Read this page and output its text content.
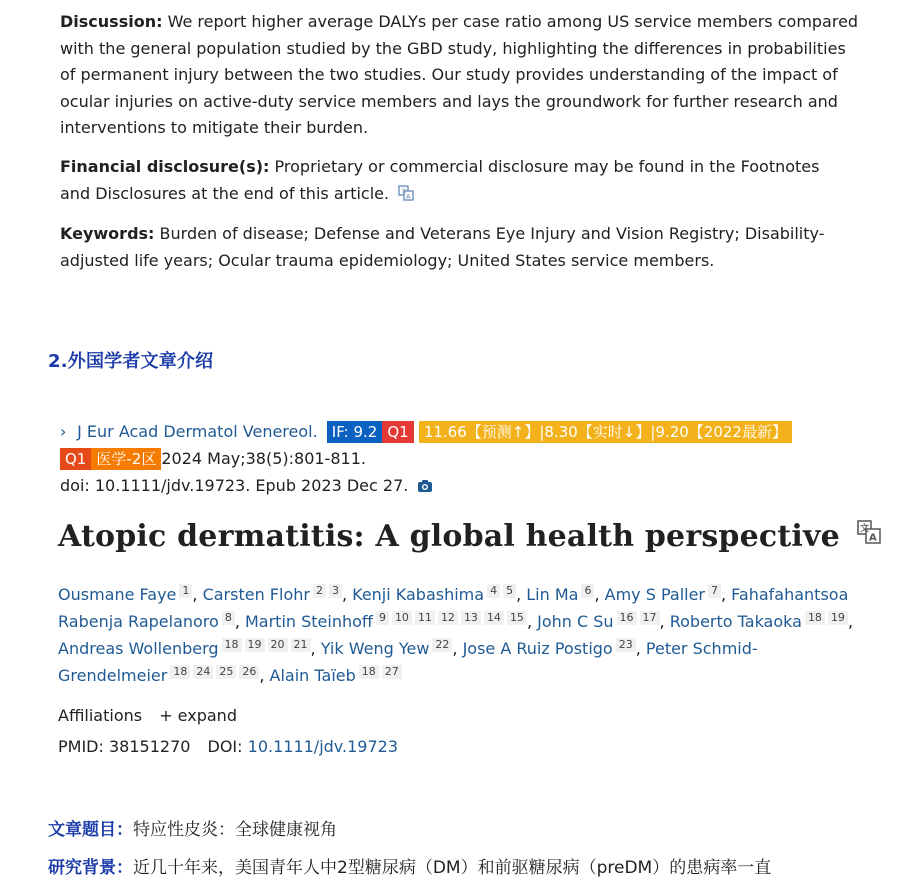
Discussion: We report higher average DALYs per case ratio among US service members compared with the general population studied by the GBD study, highlighting the differences in probabilities of permanent injury between the two studies. Our study provides understanding of the impact of ocular injuries on active-duty service members and lays the groundwork for further research and interventions to mitigate their burden.
Financial disclosure(s): Proprietary or commercial disclosure may be found in the Footnotes and Disclosures at the end of this article. 文
A
Keywords: Burden of disease; Defense and Veterans Eye Injury and Vision Registry; Disability-adjusted life years; Ocular trauma epidemiology; United States service members.
2.外国学者文章介绍
› J Eur Acad Dermatol Venereol. IF: 9.2 Q1 11.66【预测↑】|8.30【实时↓】|9.20【2022最新】
Q1 医学-2区 2024 May;38(5):801-811.
doi: 10.1111/jdv.19723. Epub 2023 Dec 27.
Atopic dermatitis: A global health perspective 文
A
Ousmane Faye 1 , Carsten Flohr 2 3 , Kenji Kabashima 4 5 , Lin Ma 6 , Amy S Paller 7 , Fahafahantsoa Rabenja Rapelanoro 8 , Martin Steinhoff 9 10 11 12 13 14 15 , John C Su 16 17 , Roberto Takaoka 18 19 , Andreas Wollenberg 18 19 20 21 , Yik Weng Yew 22 , Jose A Ruiz Postigo 23 , Peter Schmid-Grendelmeier 18 24 25 26 , Alain Taïeb 18 27
Affiliations + expand
PMID: 38151270 DOI: 10.1111/jdv.19723
文章题目：特应性皮炎：全球健康视角
研究背景：近几十年来，美国青年人中2型糖尿病（DM）和前驱糖尿病（preDM）的患病率一直
